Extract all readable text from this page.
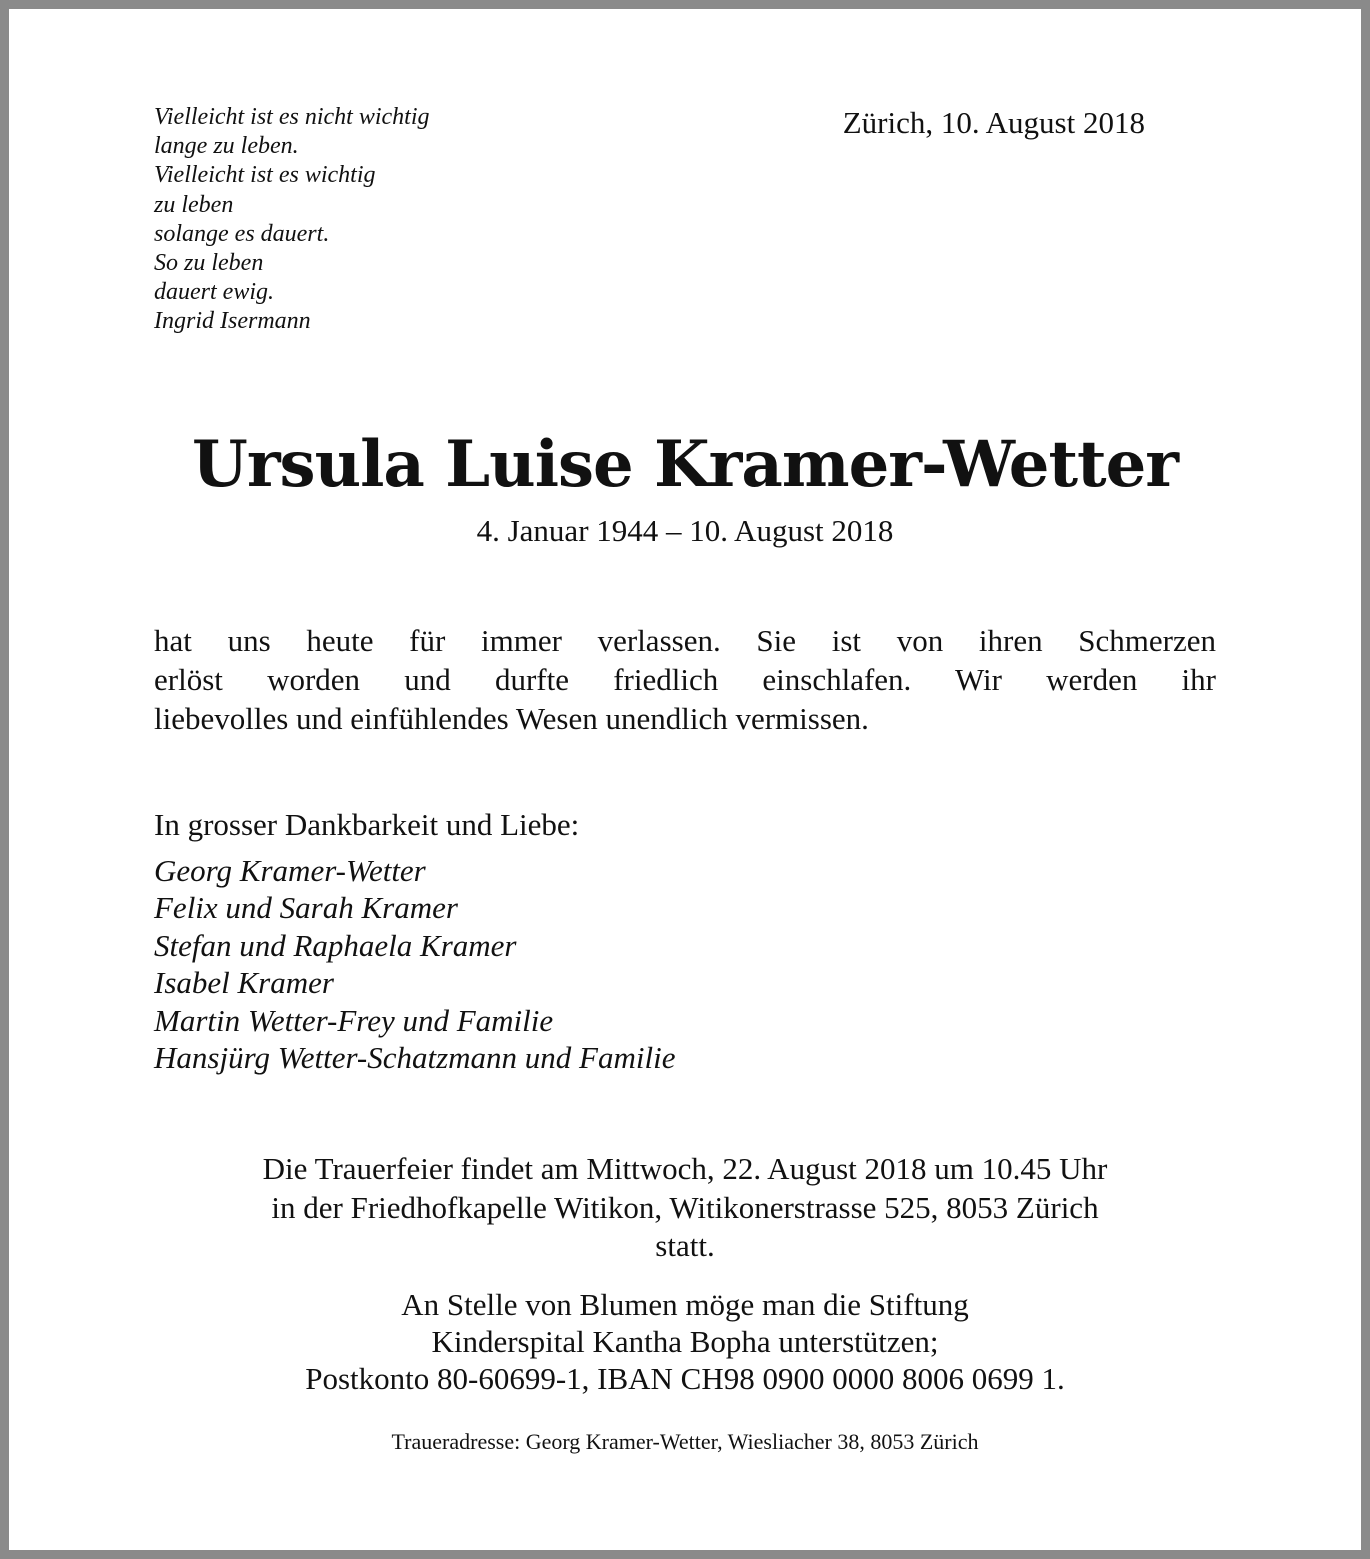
Vielleicht ist es nicht wichtig
lange zu leben.
Vielleicht ist es wichtig
zu leben
solange es dauert.
So zu leben
dauert ewig.
Ingrid Isermann
Zürich, 10. August 2018
Ursula Luise Kramer-Wetter
4. Januar 1944 – 10. August 2018
hat uns heute für immer verlassen. Sie ist von ihren Schmerzen
erlöst worden und durfte friedlich einschlafen. Wir werden ihr
liebevolles und einfühlendes Wesen unendlich vermissen.
In grosser Dankbarkeit und Liebe:
Georg Kramer-Wetter
Felix und Sarah Kramer
Stefan und Raphaela Kramer
Isabel Kramer
Martin Wetter-Frey und Familie
Hansjürg Wetter-Schatzmann und Familie
Die Trauerfeier findet am Mittwoch, 22. August 2018 um 10.45 Uhr
in der Friedhofkapelle Witikon, Witikonerstrasse 525, 8053 Zürich
statt.
An Stelle von Blumen möge man die Stiftung
Kinderspital Kantha Bopha unterstützen;
Postkonto 80-60699-1, IBAN CH98 0900 0000 8006 0699 1.
Traueradresse: Georg Kramer-Wetter, Wiesliacher 38, 8053 Zürich
